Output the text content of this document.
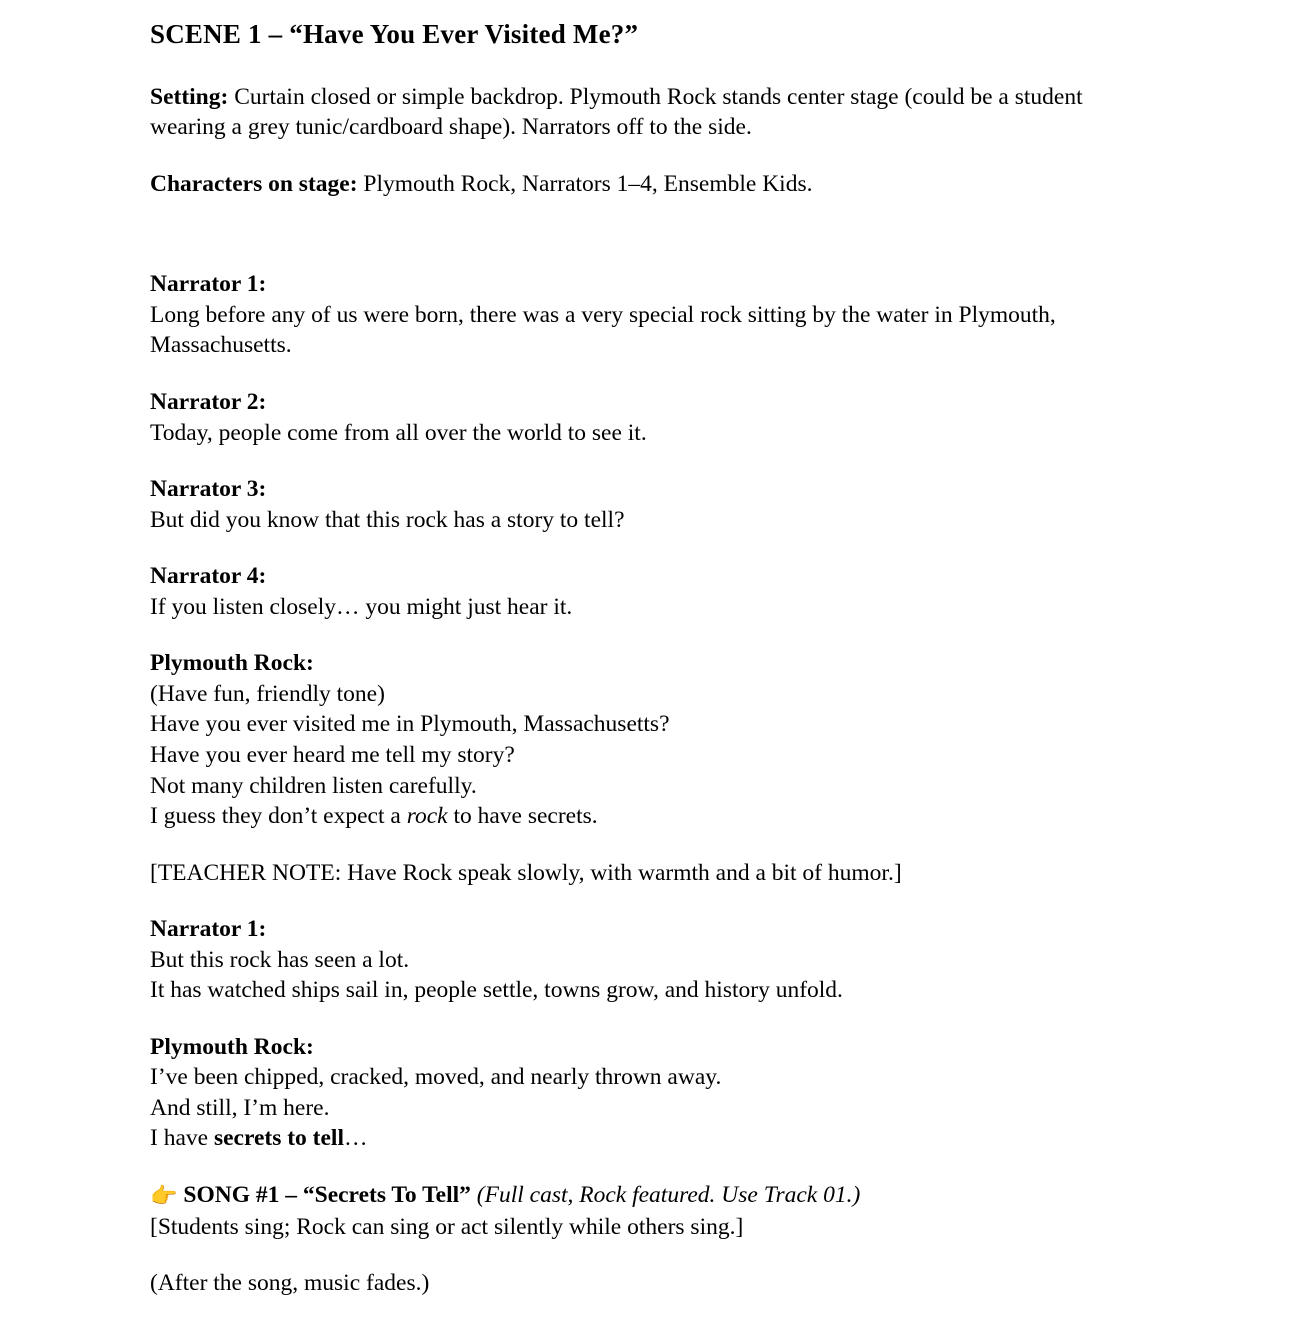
SCENE 1 – “Have You Ever Visited Me?”

Setting: Curtain closed or simple backdrop. Plymouth Rock stands center stage (could be a student wearing a grey tunic/cardboard shape). Narrators off to the side.

Characters on stage: Plymouth Rock, Narrators 1–4, Ensemble Kids.

Narrator 1:
Long before any of us were born, there was a very special rock sitting by the water in Plymouth, Massachusetts.
Narrator 2:
Today, people come from all over the world to see it.
Narrator 3:
But did you know that this rock has a story to tell?
Narrator 4:
If you listen closely… you might just hear it.
Plymouth Rock:
(Have fun, friendly tone)
Have you ever visited me in Plymouth, Massachusetts?
Have you ever heard me tell my story?
Not many children listen carefully.
I guess they don’t expect a rock to have secrets.

[TEACHER NOTE: Have Rock speak slowly, with warmth and a bit of humor.]

Narrator 1:
But this rock has seen a lot.
It has watched ships sail in, people settle, towns grow, and history unfold.
Plymouth Rock:
I’ve been chipped, cracked, moved, and nearly thrown away.
And still, I’m here.
I have secrets to tell…
👉 SONG #1 – “Secrets To Tell” (Full cast, Rock featured. Use Track 01.)
[Students sing; Rock can sing or act silently while others sing.]

(After the song, music fades.)
